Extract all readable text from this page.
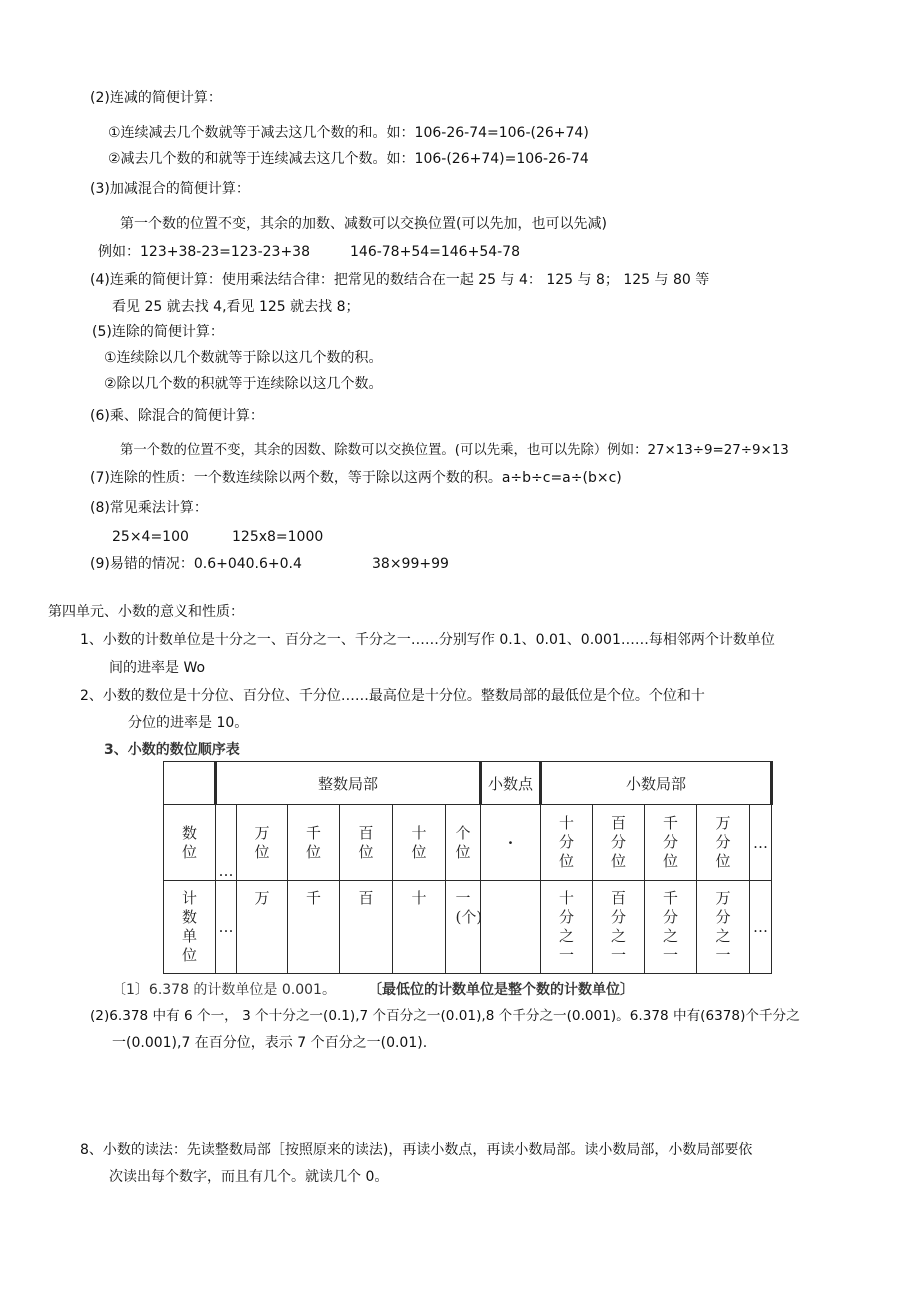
(2)连减的简便计算：
①连续减去几个数就等于减去这几个数的和。如：106-26-74=106-(26+74)
②减去几个数的和就等于连续减去这几个数。如：106-(26+74)=106-26-74
(3)加减混合的简便计算：
第一个数的位置不变，其余的加数、减数可以交换位置(可以先加，也可以先减)
例如：123+38-23=123-23+38	146-78+54=146+54-78
(4)连乘的简便计算：使用乘法结合律：把常见的数结合在一起 25 与 4： 125 与 8； 125 与 80 等
看见 25 就去找 4,看见 125 就去找 8；
(5)连除的简便计算：
①连续除以几个数就等于除以这几个数的积。
②除以几个数的积就等于连续除以这几个数。
(6)乘、除混合的简便计算：
第一个数的位置不变，其余的因数、除数可以交换位置。(可以先乘，也可以先除）例如：27×13÷9=27÷9×13
(7)连除的性质：一个数连续除以两个数，等于除以这两个数的积。a÷b÷c=a÷(b×c)
(8)常见乘法计算：
25×4=100	125x8=1000
(9)易错的情况：0.6+040.6+0.4	38×99+99
第四单元、小数的意义和性质：
1、小数的计数单位是十分之一、百分之一、千分之一……分别写作 0.1、0.01、0.001……每相邻两个计数单位
间的进率是 Wo
2、小数的数位是十分位、百分位、千分位……最高位是十分位。整数局部的最低位是个位。个位和十
分位的进率是 10。
3、小数的数位顺序表
	整数局部						小数点	小数局部				
数位	…	万位	千位	百位	十位	个位	·	十分位	百分位	千分位	万分位	…
计数单位	…	万	千	百	十	一(个)		十分之一	百分之一	千分之一	万分之一	…
〔1〕6.378 的计数单位是 0.001。 〔最低位的计数单位是整个数的计数单位〕
(2)6.378 中有 6 个一， 3 个十分之一(0.1),7 个百分之一(0.01),8 个千分之一(0.001)。6.378 中有(6378)个千分之
一(0.001),7 在百分位，表示 7 个百分之一(0.01).
8、小数的读法：先读整数局部［按照原来的读法)，再读小数点，再读小数局部。读小数局部，小数局部要依
次读出每个数字，而且有几个。就读几个 0。
